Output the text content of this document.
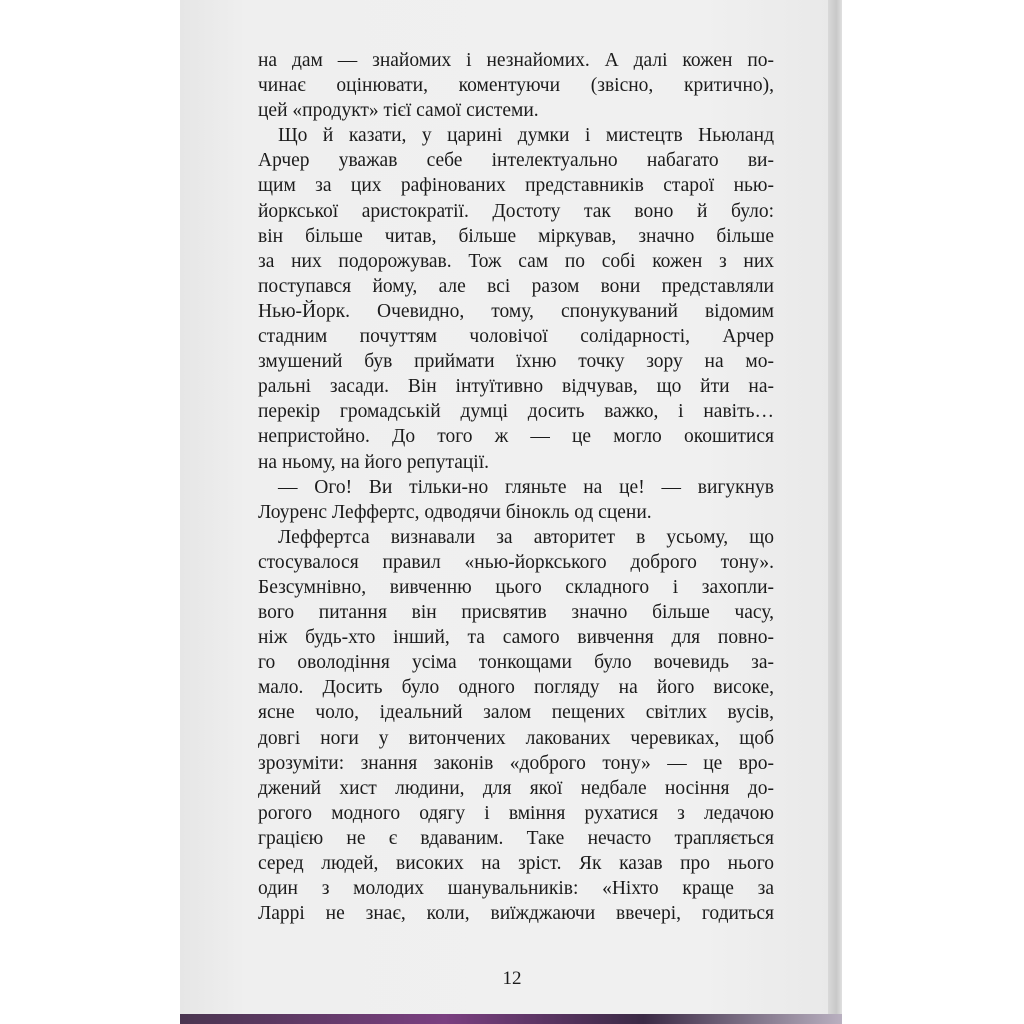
на дам — знайомих і незнайомих. А далі кожен по-
чинає оцінювати, коментуючи (звісно, критично),
цей «продукт» тієї самої системи.
Що й казати, у царині думки і мистецтв Ньюланд
Арчер уважав себе інтелектуально набагато ви-
щим за цих рафінованих представників старої нью-
йоркської аристократії. Достоту так воно й було:
він більше читав, більше міркував, значно більше
за них подорожував. Тож сам по собі кожен з них
поступався йому, але всі разом вони представляли
Нью-Йорк. Очевидно, тому, спонукуваний відомим
стадним почуттям чоловічої солідарності, Арчер
змушений був приймати їхню точку зору на мо-
ральні засади. Він інтуїтивно відчував, що йти на-
перекір громадській думці досить важко, і навіть…
непристойно. До того ж — це могло окошитися
на ньому, на його репутації.
— Ого! Ви тільки-но гляньте на це! — вигукнув
Лоуренс Леффертс, одводячи бінокль од сцени.
Леффертса визнавали за авторитет в усьому, що
стосувалося правил «нью-йоркського доброго тону».
Безсумнівно, вивченню цього складного і захопли-
вого питання він присвятив значно більше часу,
ніж будь-хто інший, та самого вивчення для повно-
го оволодіння усіма тонкощами було вочевидь за-
мало. Досить було одного погляду на його високе,
ясне чоло, ідеальний залом пещених світлих вусів,
довгі ноги у витончених лакованих черевиках, щоб
зрозуміти: знання законів «доброго тону» — це вро-
джений хист людини, для якої недбале носіння до-
рогого модного одягу і вміння рухатися з ледачою
грацією не є вдаваним. Таке нечасто трапляється
серед людей, високих на зріст. Як казав про нього
один з молодих шанувальників: «Ніхто краще за
Ларрі не знає, коли, виїжджаючи ввечері, годиться
12
